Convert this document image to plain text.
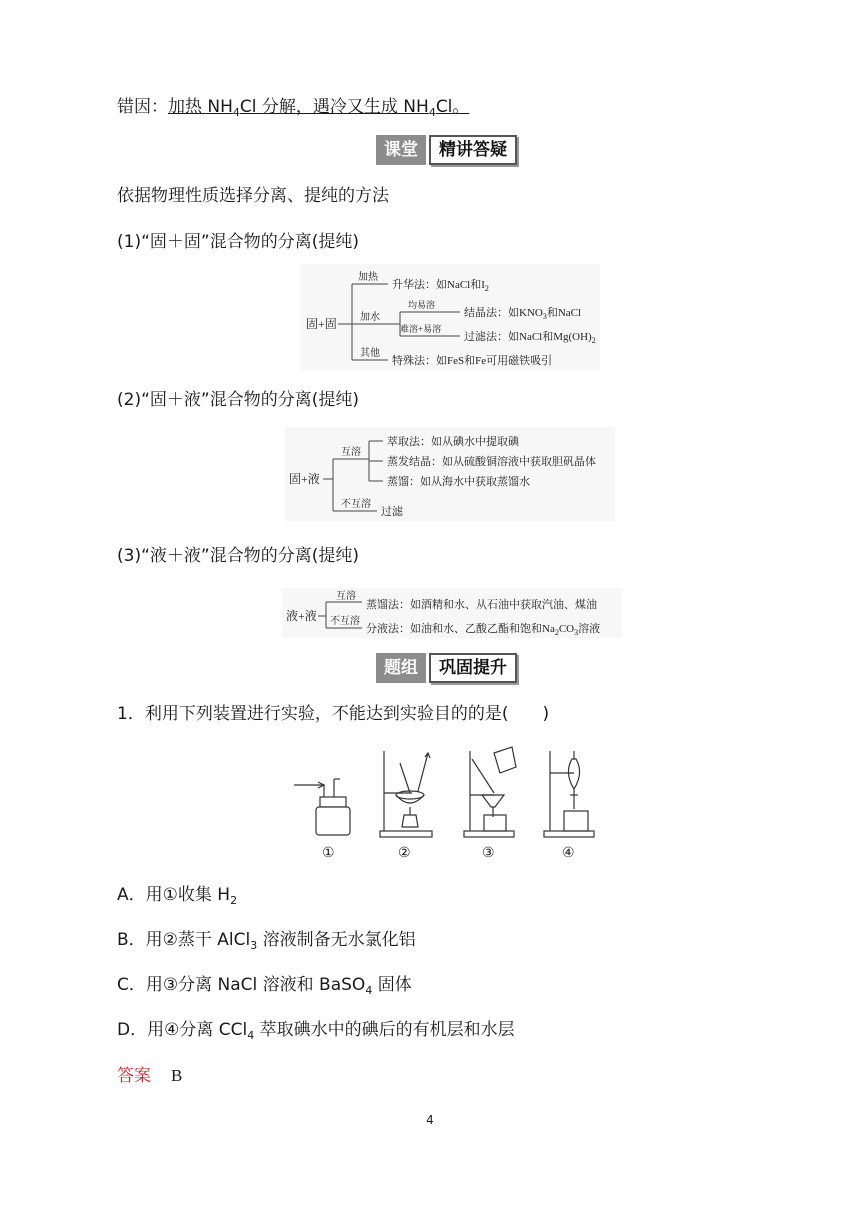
错因：加热 $NH_4Cl$ 分解，遇冷又生成 $NH_4Cl$。
课堂	精讲答疑
依据物理性质选择分离、提纯的方法
(1)“固＋固”混合物的分离(提纯)
固+固
加热
升华法：如NaCl和$I_2$
加水
均易溶
结晶法：如$KNO_3$和NaCl
难溶+易溶
过滤法：如NaCl和$Mg(OH)_2$
其他
特殊法：如FeS和Fe可用磁铁吸引
(2)“固＋液”混合物的分离(提纯)
固+液
互溶
萃取法：如从碘水中提取碘
蒸发结晶：如从硫酸铜溶液中获取胆矾晶体
蒸馏：如从海水中获取蒸馏水
不互溶
过滤
(3)“液＋液”混合物的分离(提纯)
液+液
互溶
蒸馏法：如酒精和水、从石油中获取汽油、煤油
不互溶
分液法：如油和水、乙酸乙酯和饱和$Na_2CO_3$溶液
题组	巩固提升
1．利用下列装置进行实验，不能达到实验目的的是(　　)
①	②	③	④
A．用①收集 $H_2$
B．用②蒸干 AlCl$_3$ 溶液制备无水氯化铝
C．用③分离 NaCl 溶液和 BaSO$_4$ 固体
D．用④分离 CCl$_4$ 萃取碘水中的碘后的有机层和水层
答案 B
4
